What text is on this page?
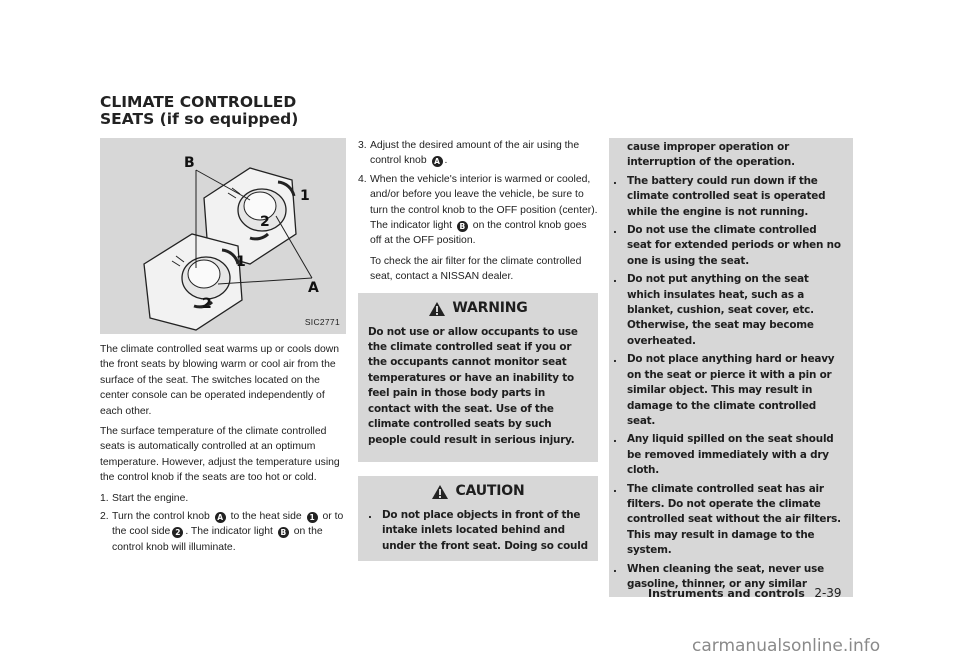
CLIMATE CONTROLLED SEATS (if so equipped)
B
1
2
1
2
A
SIC2771

The climate controlled seat warms up or cools down the front seats by blowing warm or cool air from the surface of the seat. The switches located on the center console can be operated independently of each other.

The surface temperature of the climate controlled seats is automatically controlled at an optimum temperature. However, adjust the temperature using the control knob if the seats are too hot or cold.

1. Start the engine.
2. Turn the control knob A to the heat side 1 or to the cool side 2 . The indicator light B on the control knob will illuminate.
3. Adjust the desired amount of the air using the control knob A .
4. When the vehicle's interior is warmed or cooled, and/or before you leave the vehicle, be sure to turn the control knob to the OFF position (center). The indicator light B on the control knob goes off at the OFF position.

To check the air filter for the climate controlled seat, contact a NISSAN dealer.

WARNING
Do not use or allow occupants to use the climate controlled seat if you or the occupants cannot monitor seat temperatures or have an inability to feel pain in those body parts in contact with the seat. Use of the climate controlled seats by such people could result in serious injury.
CAUTION
. Do not place objects in front of the intake inlets located behind and under the front seat. Doing so could
cause improper operation or interruption of the operation.
. The battery could run down if the climate controlled seat is operated while the engine is not running.
. Do not use the climate controlled seat for extended periods or when no one is using the seat.
. Do not put anything on the seat which insulates heat, such as a blanket, cushion, seat cover, etc. Otherwise, the seat may become overheated.
. Do not place anything hard or heavy on the seat or pierce it with a pin or similar object. This may result in damage to the climate controlled seat.
. Any liquid spilled on the seat should be removed immediately with a dry cloth.
. The climate controlled seat has air filters. Do not operate the climate controlled seat without the air filters. This may result in damage to the system.
. When cleaning the seat, never use gasoline, thinner, or any similar
Instruments and controls 2-39
carmanualsonline.info
